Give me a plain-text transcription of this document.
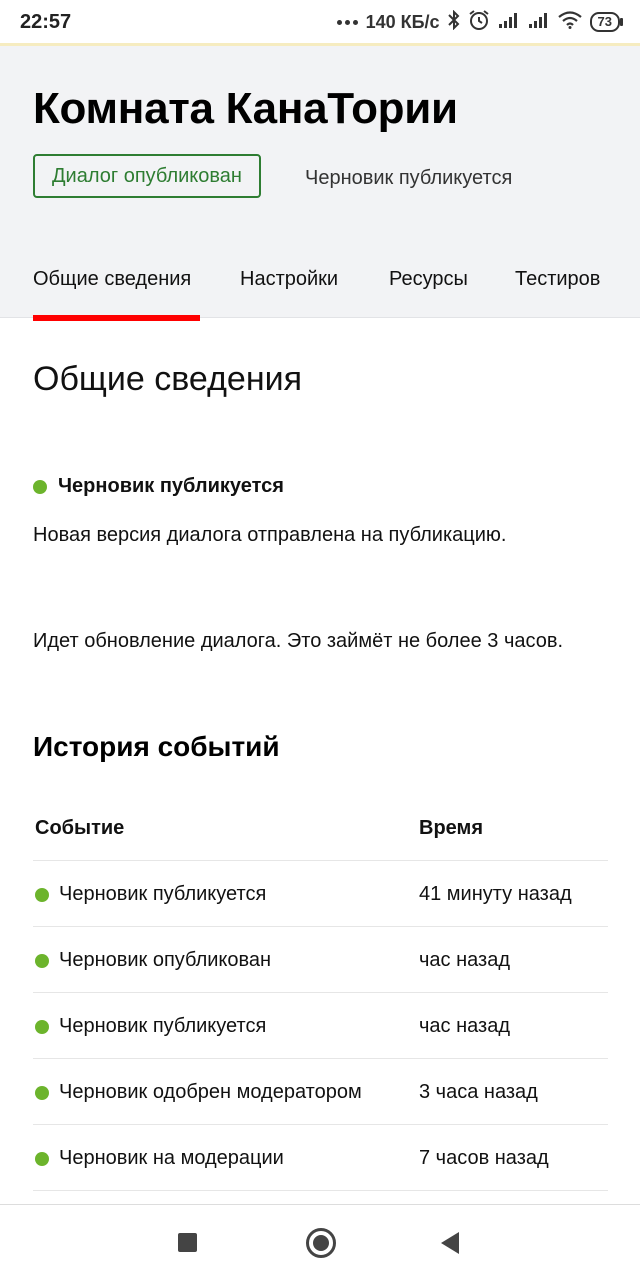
22:57	140 КБ/с	73
Комната КанаТории
Диалог опубликован	Черновик публикуется
Общие сведения Настройки	Ресурсы Тестиров
Общие сведения
Черновик публикуется
Новая версия диалога отправлена на публикацию.
Идет обновление диалога. Это займёт не более 3 часов.
История событий
Событие	Время
Черновик публикуется	41 минуту назад
Черновик опубликован	час назад
Черновик публикуется	час назад
Черновик одобрен модератором	3 часа назад
Черновик на модерации	7 часов назад
